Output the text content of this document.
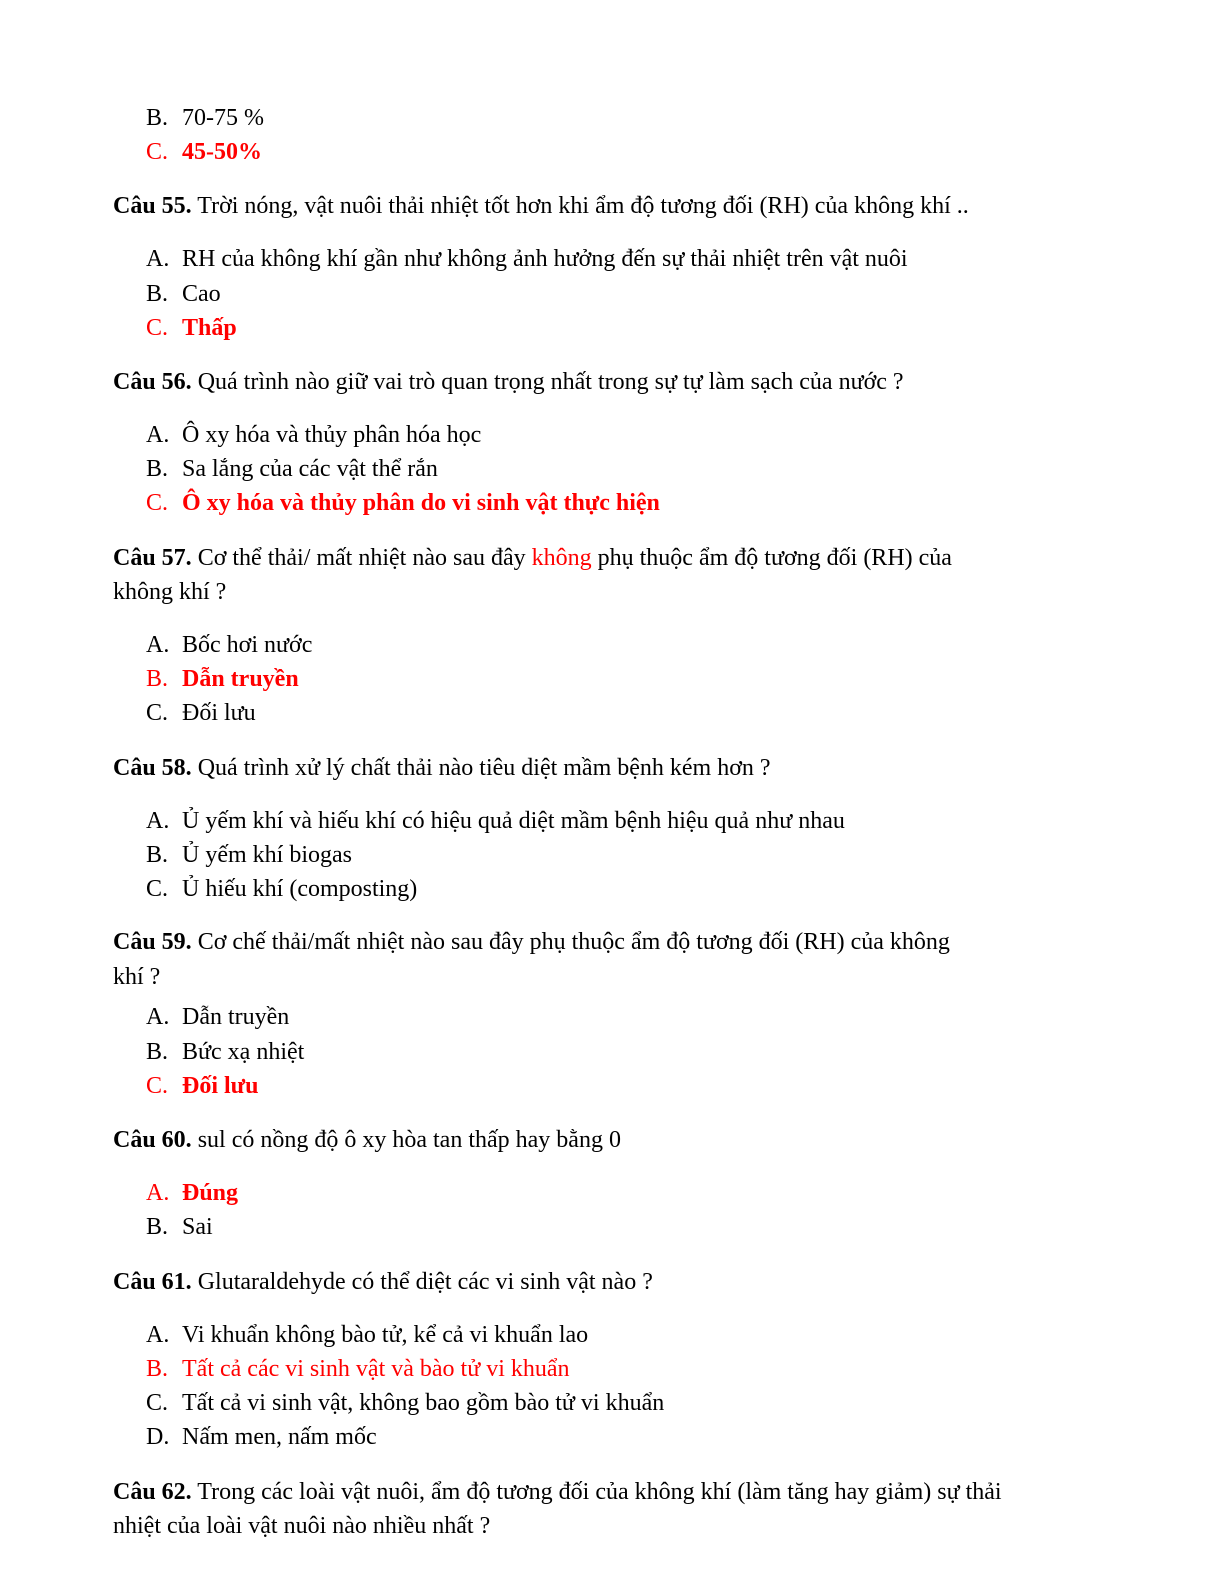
B. 70-75 %
C. 45-50%
Câu 55. Trời nóng, vật nuôi thải nhiệt tốt hơn khi ẩm độ tương đối (RH) của không khí ..
A. RH của không khí gần như không ảnh hưởng đến sự thải nhiệt trên vật nuôi
B. Cao
C. Thấp
Câu 56. Quá trình nào giữ vai trò quan trọng nhất trong sự tự làm sạch của nước ?
A. Ô xy hóa và thủy phân hóa học
B. Sa lắng của các vật thể rắn
C. Ô xy hóa và thủy phân do vi sinh vật thực hiện
Câu 57. Cơ thể thải/ mất nhiệt nào sau đây không phụ thuộc ẩm độ tương đối (RH) của
không khí ?
A. Bốc hơi nước
B. Dẫn truyền
C. Đối lưu
Câu 58. Quá trình xử lý chất thải nào tiêu diệt mầm bệnh kém hơn ?
A. Ủ yếm khí và hiếu khí có hiệu quả diệt mầm bệnh hiệu quả như nhau
B. Ủ yếm khí biogas
C. Ủ hiếu khí (composting)
Câu 59. Cơ chế thải/mất nhiệt nào sau đây phụ thuộc ẩm độ tương đối (RH) của không
khí ?
A. Dẫn truyền
B. Bức xạ nhiệt
C. Đối lưu
Câu 60. sul có nồng độ ô xy hòa tan thấp hay bằng 0
A. Đúng
B. Sai
Câu 61. Glutaraldehyde có thể diệt các vi sinh vật nào ?
A. Vi khuẩn không bào tử, kể cả vi khuẩn lao
B. Tất cả các vi sinh vật và bào tử vi khuẩn
C. Tất cả vi sinh vật, không bao gồm bào tử vi khuẩn
D. Nấm men, nấm mốc
Câu 62. Trong các loài vật nuôi, ẩm độ tương đối của không khí (làm tăng hay giảm) sự thải
nhiệt của loài vật nuôi nào nhiều nhất ?
